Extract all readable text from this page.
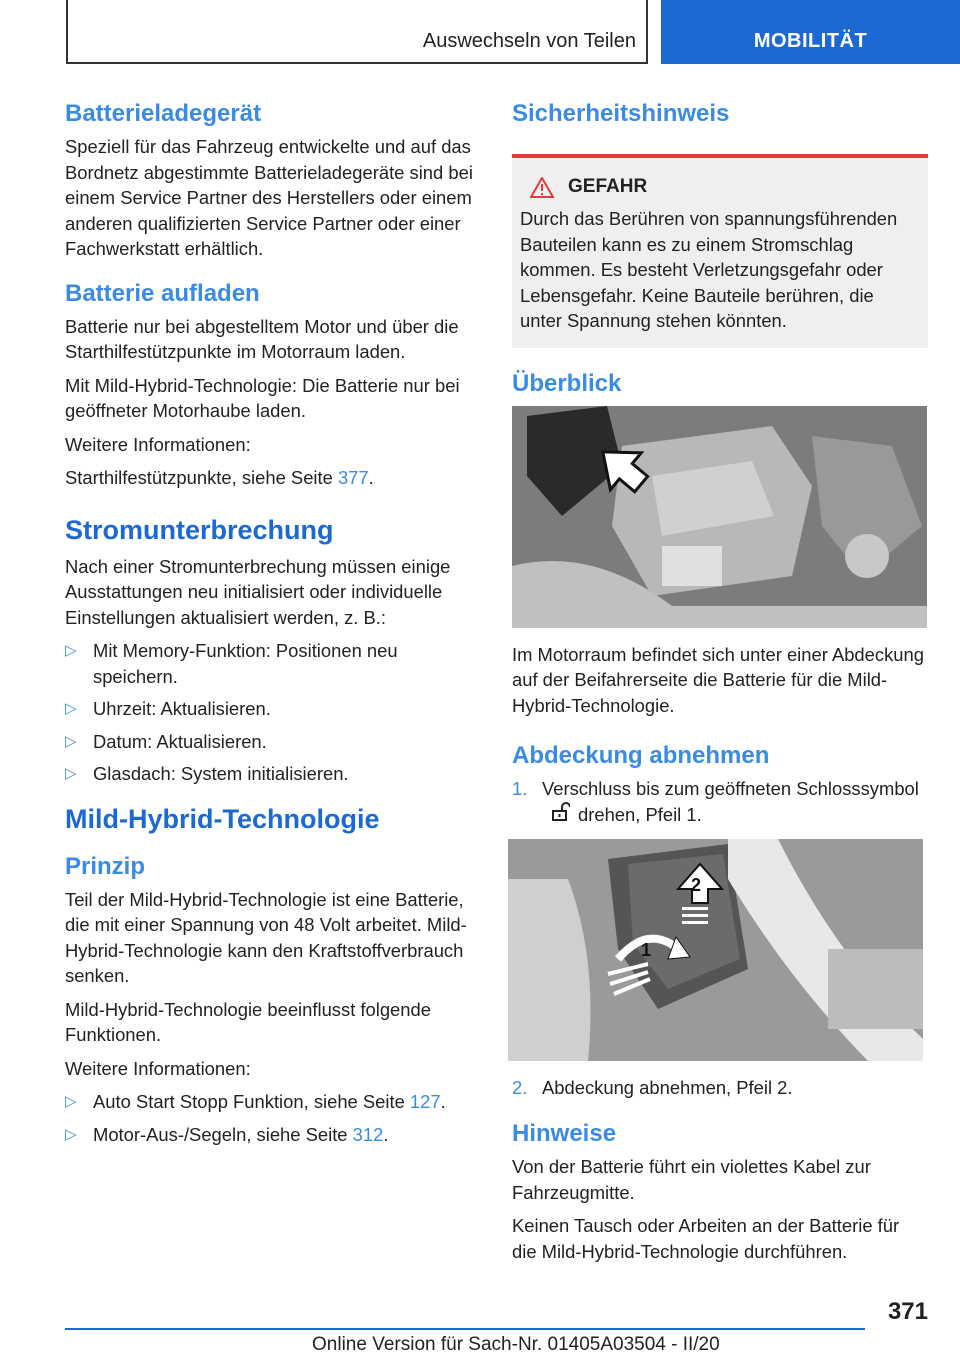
Auswechseln von Teilen	MOBILITÄT
Batterieladegerät

Speziell für das Fahrzeug entwickelte und auf das Bordnetz abgestimmte Batterieladegeräte sind bei einem Service Partner des Herstellers oder einem anderen qualifizierten Service Partner oder einer Fachwerkstatt erhältlich.

Batterie aufladen

Batterie nur bei abgestelltem Motor und über die Starthilfestützpunkte im Motorraum laden.

Mit Mild-Hybrid-Technologie: Die Batterie nur bei geöffneter Motorhaube laden.

Weitere Informationen:

Starthilfestützpunkte, siehe Seite 377.

Stromunterbrechung

Nach einer Stromunterbrechung müssen einige Ausstattungen neu initialisiert oder individuelle Einstellungen aktualisiert werden, z. B.:

▷ Mit Memory-Funktion: Positionen neu speichern.
▷ Uhrzeit: Aktualisieren.
▷ Datum: Aktualisieren.
▷ Glasdach: System initialisieren.
Mild-Hybrid-Technologie
Prinzip

Teil der Mild-Hybrid-Technologie ist eine Batterie, die mit einer Spannung von 48 Volt arbeitet. Mild-Hybrid-Technologie kann den Kraftstoffverbrauch senken.

Mild-Hybrid-Technologie beeinflusst folgende Funktionen.

Weitere Informationen:

▷ Auto Start Stopp Funktion, siehe Seite 127.
▷ Motor-Aus-/Segeln, siehe Seite 312.
Sicherheitshinweis
GEFAHR

Durch das Berühren von spannungsführenden Bauteilen kann es zu einem Stromschlag kommen. Es besteht Verletzungsgefahr oder Lebensgefahr. Keine Bauteile berühren, die unter Spannung stehen könnten.

Überblick

Im Motorraum befindet sich unter einer Abdeckung auf der Beifahrerseite die Batterie für die Mild-Hybrid-Technologie.

Abdeckung abnehmen
1. Verschluss bis zum geöffneten Schlosssymboldrehen, Pfeil 1.
2
1
2. Abdeckung abnehmen, Pfeil 2.
Hinweise

Von der Batterie führt ein violettes Kabel zur Fahrzeugmitte.

Keinen Tausch oder Arbeiten an der Batterie für die Mild-Hybrid-Technologie durchführen.

371
Online Version für Sach-Nr. 01405A03504 - II/20
